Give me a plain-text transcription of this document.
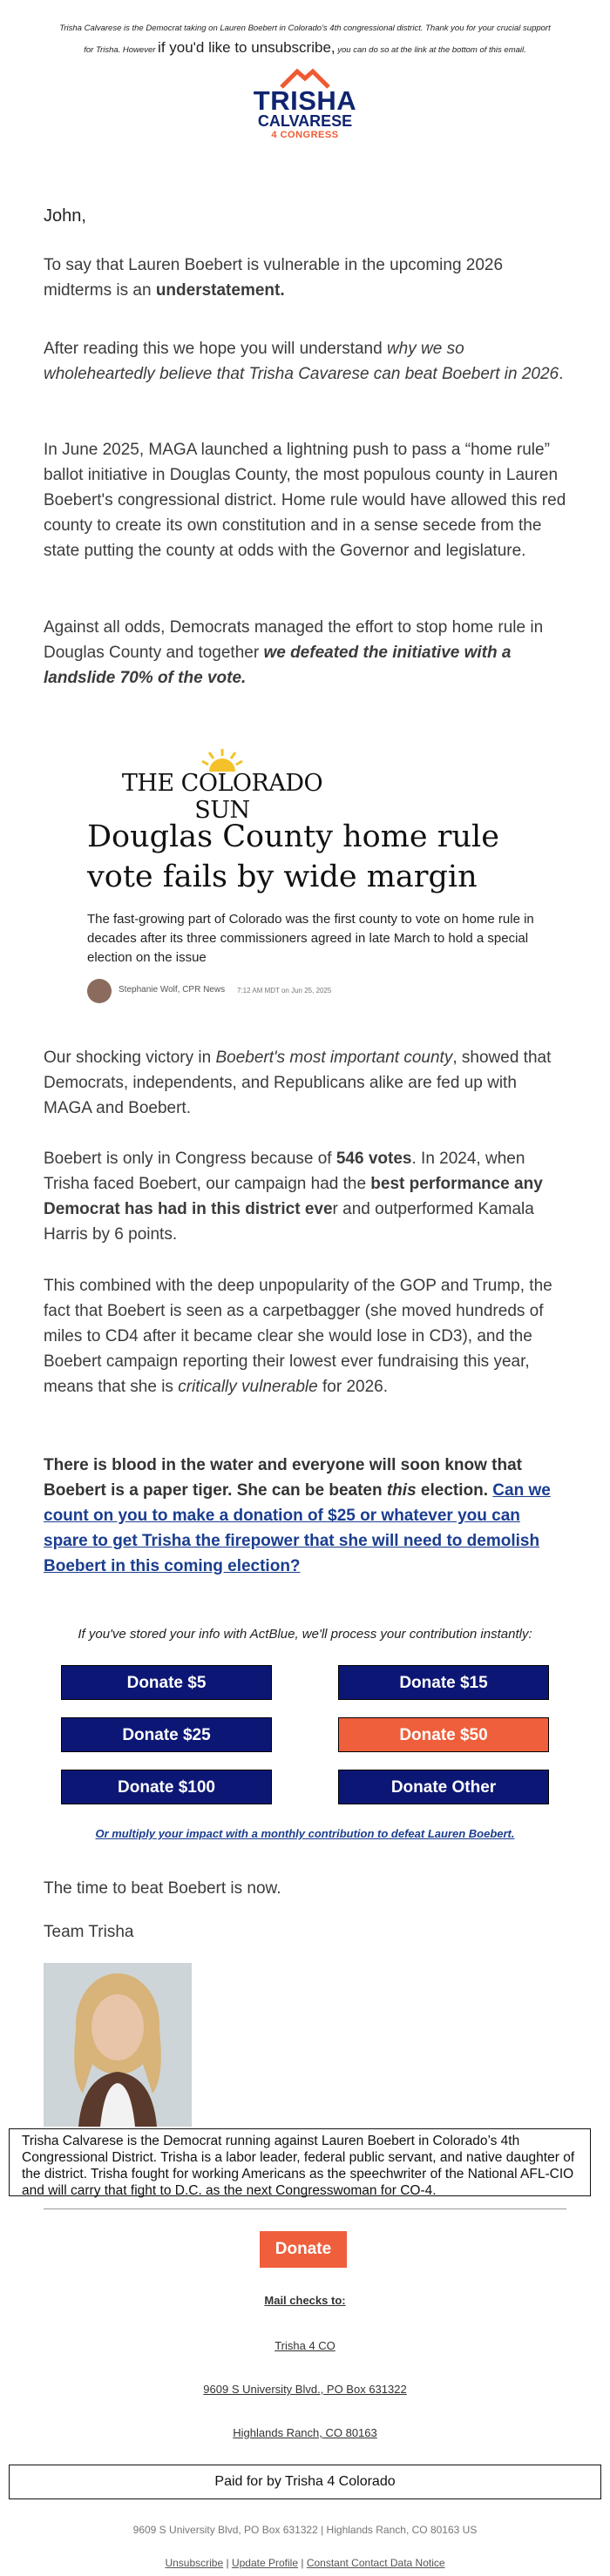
Trisha Calvarese is the Democrat taking on Lauren Boebert in Colorado's 4th congressional district. Thank you for your crucial support
for Trisha. However if you'd like to unsubscribe, you can do so at the link at the bottom of this email.
TRISHA
CALVARESE
4 CONGRESS
John,

To say that Lauren Boebert is vulnerable in the upcoming 2026 midterms is an understatement.

After reading this we hope you will understand why we so wholeheartedly believe that Trisha Cavarese can beat Boebert in 2026.

In June 2025, MAGA launched a lightning push to pass a “home rule” ballot initiative in Douglas County, the most populous county in Lauren Boebert's congressional district. Home rule would have allowed this red county to create its own constitution and in a sense secede from the state putting the county at odds with the Governor and legislature.

Against all odds, Democrats managed the effort to stop home rule in Douglas County and together we defeated the initiative with a landslide 70% of the vote.

THE COLORADO SUN
Douglas County home rule vote fails by wide margin
The fast-growing part of Colorado was the first county to vote on home rule in decades after its three commissioners agreed in late March to hold a special election on the issue
Stephanie Wolf, CPR News 7:12 AM MDT on Jun 25, 2025

Our shocking victory in Boebert's most important county, showed that Democrats, independents, and Republicans alike are fed up with MAGA and Boebert.

Boebert is only in Congress because of 546 votes. In 2024, when Trisha faced Boebert, our campaign had the best performance any Democrat has had in this district ever and outperformed Kamala Harris by 6 points.

This combined with the deep unpopularity of the GOP and Trump, the fact that Boebert is seen as a carpetbagger (she moved hundreds of miles to CD4 after it became clear she would lose in CD3), and the Boebert campaign reporting their lowest ever fundraising this year, means that she is critically vulnerable for 2026.

There is blood in the water and everyone will soon know that Boebert is a paper tiger. She can be beaten this election. Can we count on you to make a donation of $25 or whatever you can spare to get Trisha the firepower that she will need to demolish Boebert in this coming election?
If you've stored your info with ActBlue, we'll process your contribution instantly:
Donate $5	Donate $15
Donate $25	Donate $50
Donate $100	Donate Other
Or multiply your impact with a monthly contribution to defeat Lauren Boebert.
The time to beat Boebert is now.
Team Trisha
Trisha Calvarese is the Democrat running against Lauren Boebert in Colorado’s 4th Congressional District. Trisha is a labor leader, federal public servant, and native daughter of the district. Trisha fought for working Americans as the speechwriter of the National AFL-CIO and will carry that fight to D.C. as the next Congresswoman for CO-4.
Donate
Mail checks to:
Trisha 4 CO
9609 S University Blvd., PO Box 631322
Highlands Ranch, CO 80163
Paid for by Trisha 4 Colorado
9609 S University Blvd, PO Box 631322 | Highlands Ranch, CO 80163 US
Unsubscribe | Update Profile | Constant Contact Data Notice
